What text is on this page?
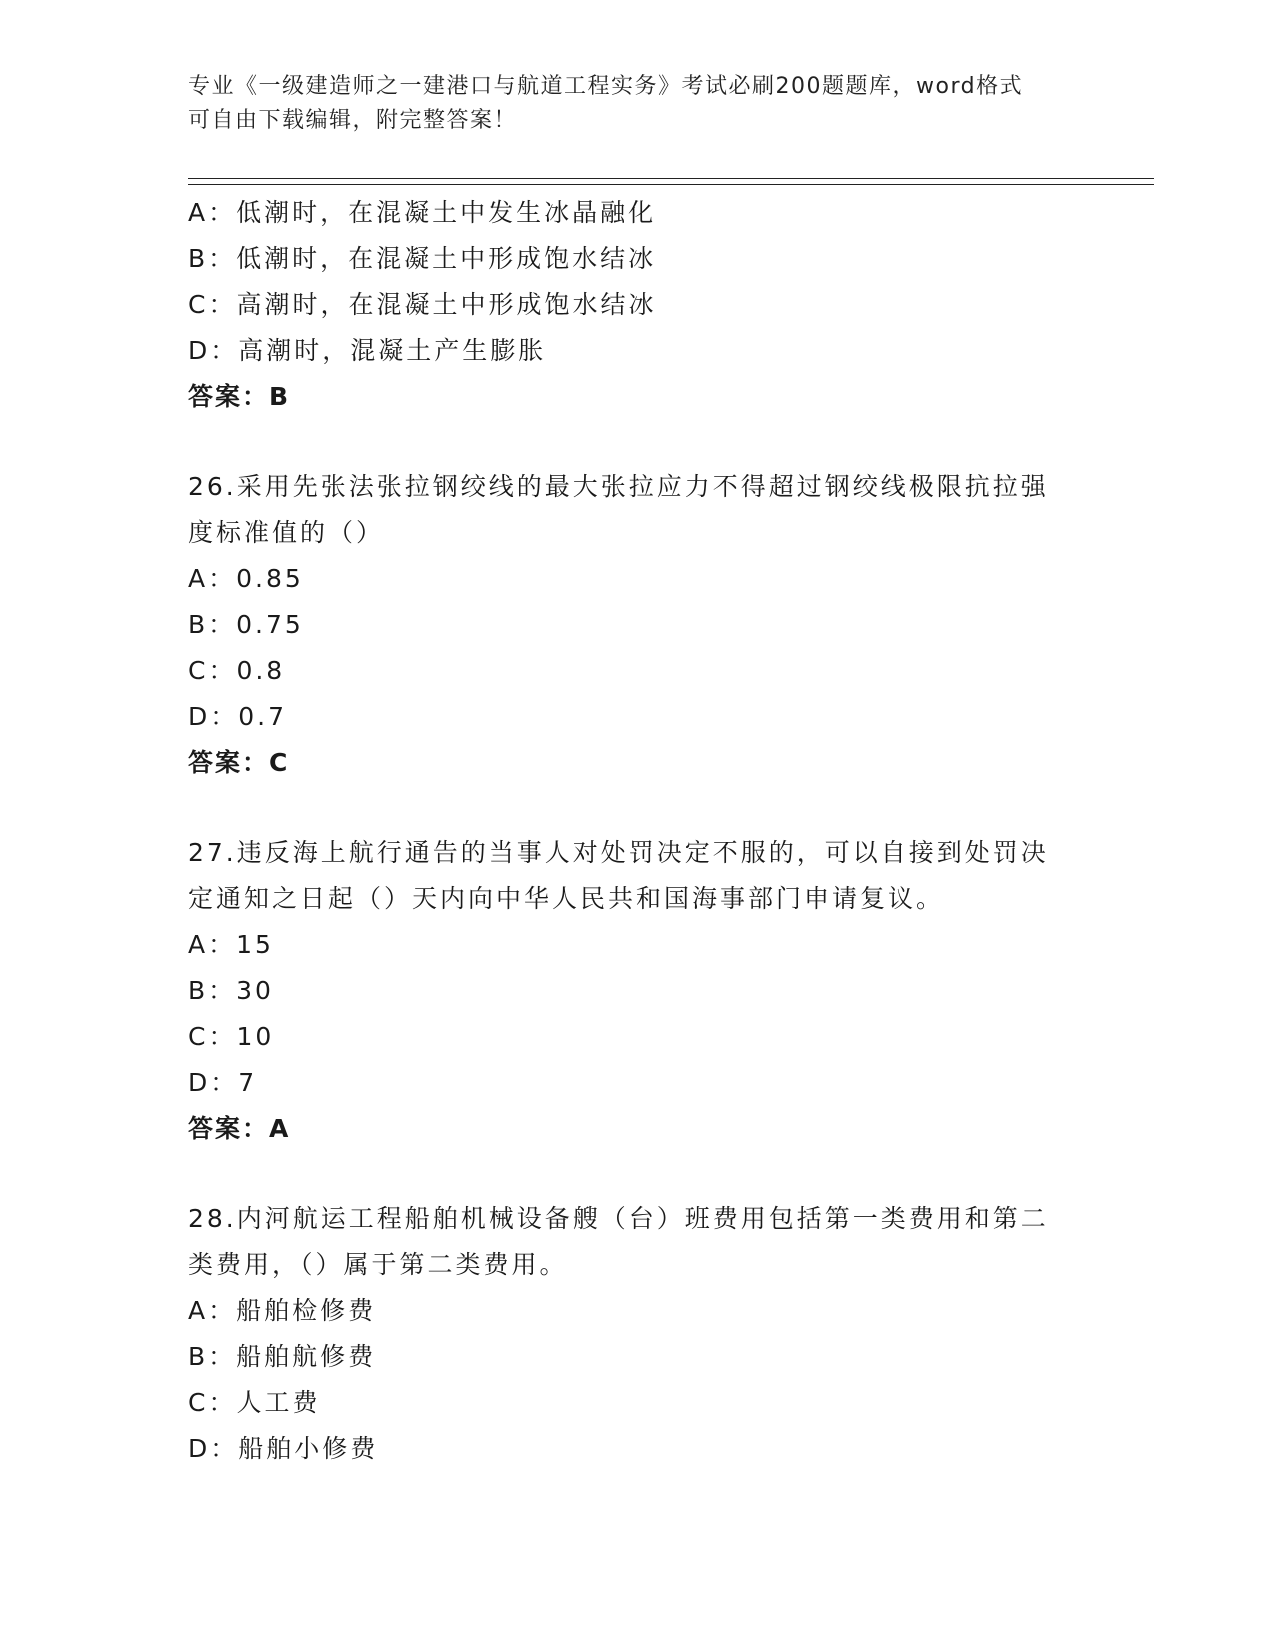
专业《一级建造师之一建港口与航道工程实务》考试必刷200题题库，word格式
可自由下载编辑，附完整答案！
A：低潮时，在混凝土中发生冰晶融化
B：低潮时，在混凝土中形成饱水结冰
C：高潮时，在混凝土中形成饱水结冰
D：高潮时，混凝土产生膨胀
答案：B
26.采用先张法张拉钢绞线的最大张拉应力不得超过钢绞线极限抗拉强
度标准值的（）
A：0.85
B：0.75
C：0.8
D：0.7
答案：C
27.违反海上航行通告的当事人对处罚决定不服的，可以自接到处罚决
定通知之日起（）天内向中华人民共和国海事部门申请复议。
A：15
B：30
C：10
D：7
答案：A
28.内河航运工程船舶机械设备艘（台）班费用包括第一类费用和第二
类费用，（）属于第二类费用。
A：船舶检修费
B：船舶航修费
C：人工费
D：船舶小修费
